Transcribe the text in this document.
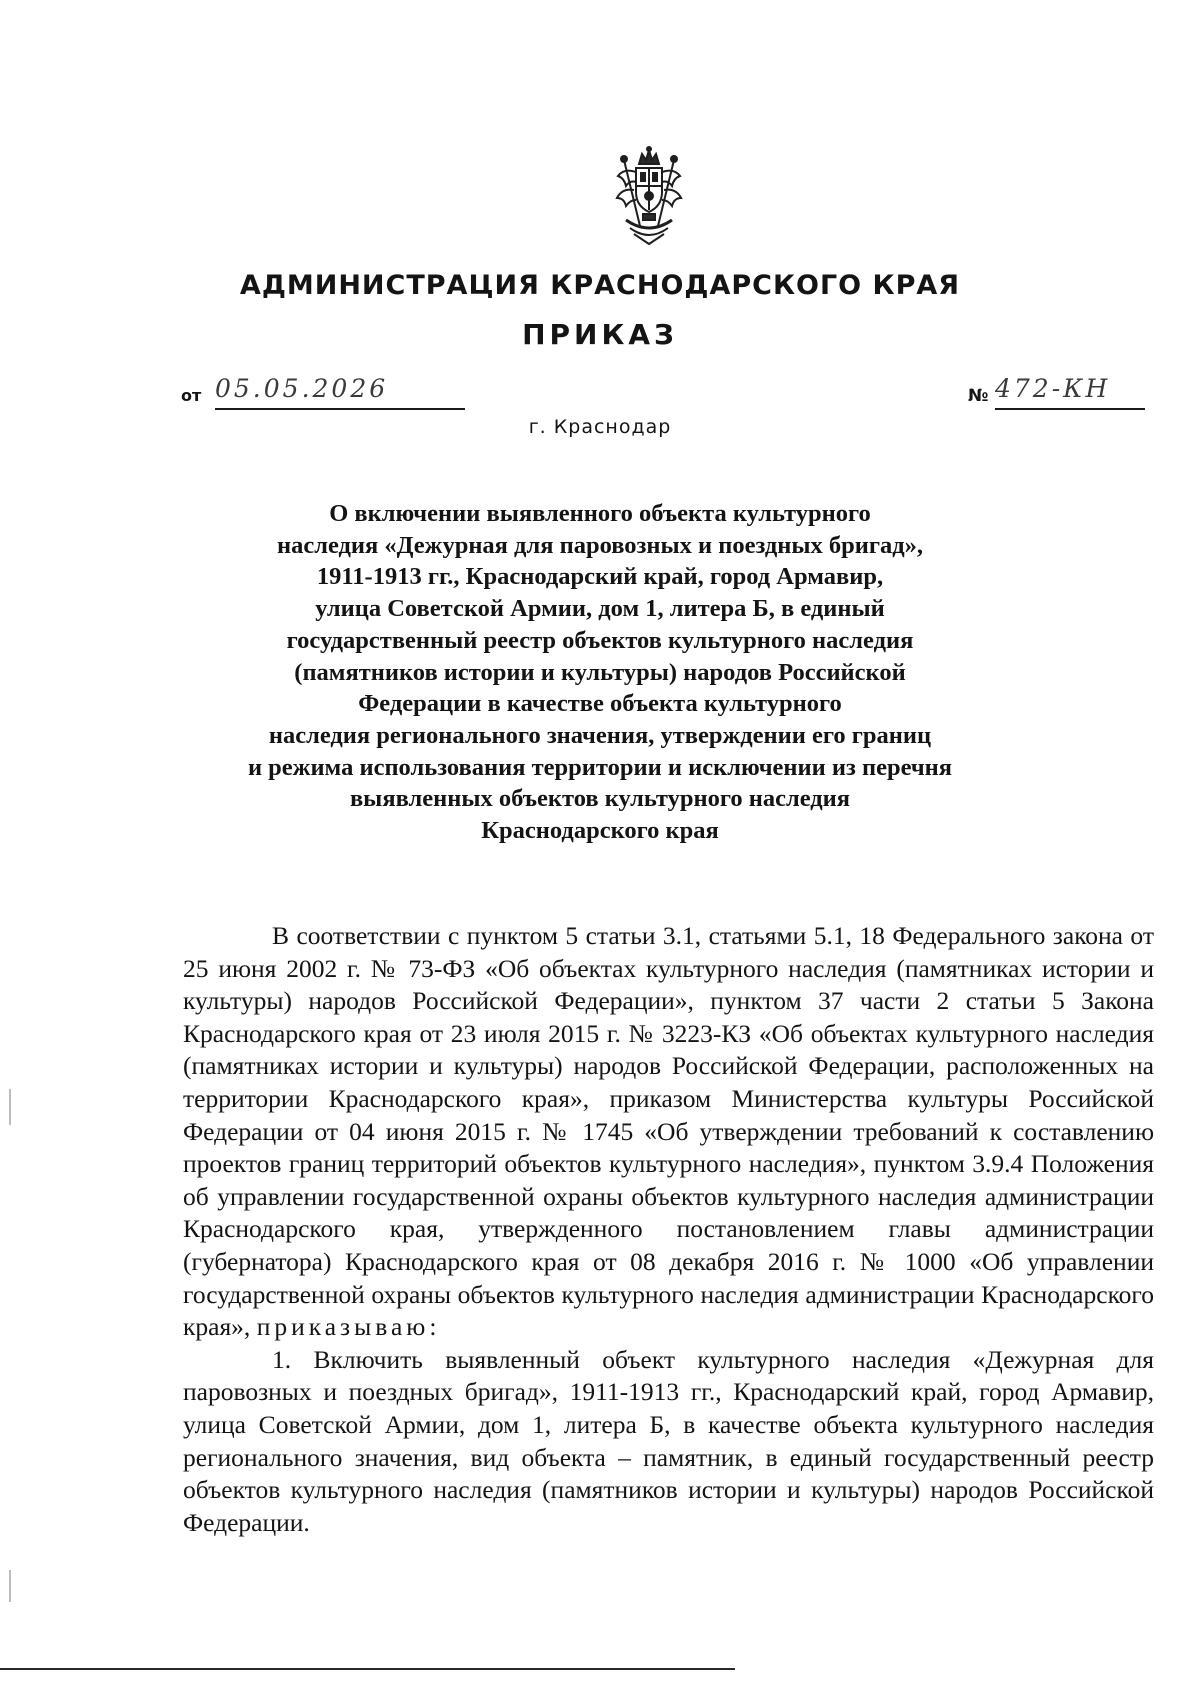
АДМИНИСТРАЦИЯ КРАСНОДАРСКОГО КРАЯ
ПРИКАЗ
от 05.05.2026	№ 472-КН
г. Краснодар
О включении выявленного объекта культурного
наследия «Дежурная для паровозных и поездных бригад»,
1911-1913 гг., Краснодарский край, город Армавир,
улица Советской Армии, дом 1, литера Б, в единый
государственный реестр объектов культурного наследия
(памятников истории и культуры) народов Российской
Федерации в качестве объекта культурного
наследия регионального значения, утверждении его границ
и режима использования территории и исключении из перечня
выявленных объектов культурного наследия
Краснодарского края

В соответствии с пунктом 5 статьи 3.1, статьями 5.1, 18 Федерального закона от 25 июня 2002 г. № 73-ФЗ «Об объектах культурного наследия (памятниках истории и культуры) народов Российской Федерации», пунктом 37 части 2 статьи 5 Закона Краснодарского края от 23 июля 2015 г. № 3223-КЗ «Об объектах культурного наследия (памятниках истории и культуры) народов Российской Федерации, расположенных на территории Краснодарского края», приказом Министерства культуры Российской Федерации от 04 июня 2015 г. № 1745 «Об утверждении требований к составлению проектов границ территорий объектов культурного наследия», пунктом 3.9.4 Положения об управлении государственной охраны объектов культурного наследия администрации Краснодарского края, утвержденного постановлением главы администрации (губернатора) Краснодарского края от 08 декабря 2016 г. № 1000 «Об управлении государственной охраны объектов культурного наследия администрации Краснодарского края», приказываю:

1. Включить выявленный объект культурного наследия «Дежурная для паровозных и поездных бригад», 1911-1913 гг., Краснодарский край, город Армавир, улица Советской Армии, дом 1, литера Б, в качестве объекта культурного наследия регионального значения, вид объекта – памятник, в единый государственный реестр объектов культурного наследия (памятников истории и культуры) народов Российской Федерации.
